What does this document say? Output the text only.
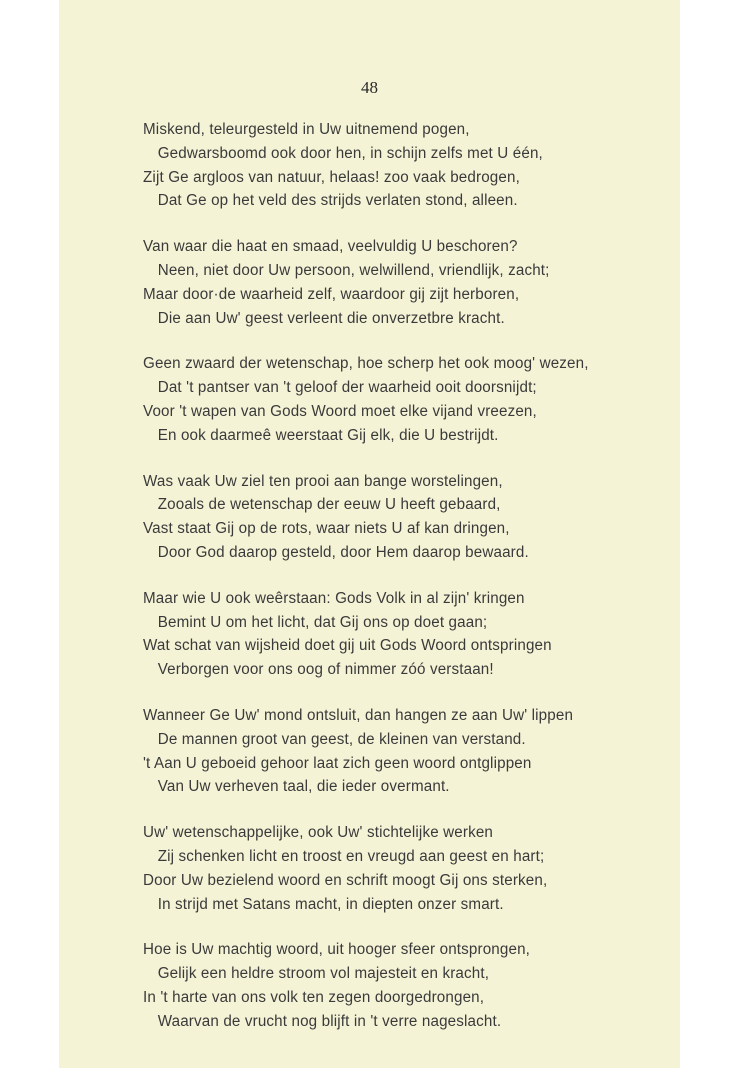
48
Miskend, teleurgesteld in Uw uitnemend pogen,
Gedwarsboomd ook door hen, in schijn zelfs met U één,
Zijt Ge argloos van natuur, helaas! zoo vaak bedrogen,
Dat Ge op het veld des strijds verlaten stond, alleen.
Van waar die haat en smaad, veelvuldig U beschoren?
Neen, niet door Uw persoon, welwillend, vriendlijk, zacht;
Maar door·de waarheid zelf, waardoor gij zijt herboren,
Die aan Uw' geest verleent die onverzetbre kracht.
Geen zwaard der wetenschap, hoe scherp het ook moog' wezen,
Dat 't pantser van 't geloof der waarheid ooit doorsnijdt;
Voor 't wapen van Gods Woord moet elke vijand vreezen,
En ook daarmeê weerstaat Gij elk, die U bestrijdt.
Was vaak Uw ziel ten prooi aan bange worstelingen,
Zooals de wetenschap der eeuw U heeft gebaard,
Vast staat Gij op de rots, waar niets U af kan dringen,
Door God daarop gesteld, door Hem daarop bewaard.
Maar wie U ook weêrstaan: Gods Volk in al zijn' kringen
Bemint U om het licht, dat Gij ons op doet gaan;
Wat schat van wijsheid doet gij uit Gods Woord ontspringen
Verborgen voor ons oog of nimmer zóó verstaan!
Wanneer Ge Uw' mond ontsluit, dan hangen ze aan Uw' lippen
De mannen groot van geest, de kleinen van verstand.
't Aan U geboeid gehoor laat zich geen woord ontglippen
Van Uw verheven taal, die ieder overmant.
Uw' wetenschappelijke, ook Uw' stichtelijke werken
Zij schenken licht en troost en vreugd aan geest en hart;
Door Uw bezielend woord en schrift moogt Gij ons sterken,
In strijd met Satans macht, in diepten onzer smart.
Hoe is Uw machtig woord, uit hooger sfeer ontsprongen,
Gelijk een heldre stroom vol majesteit en kracht,
In 't harte van ons volk ten zegen doorgedrongen,
Waarvan de vrucht nog blijft in 't verre nageslacht.
